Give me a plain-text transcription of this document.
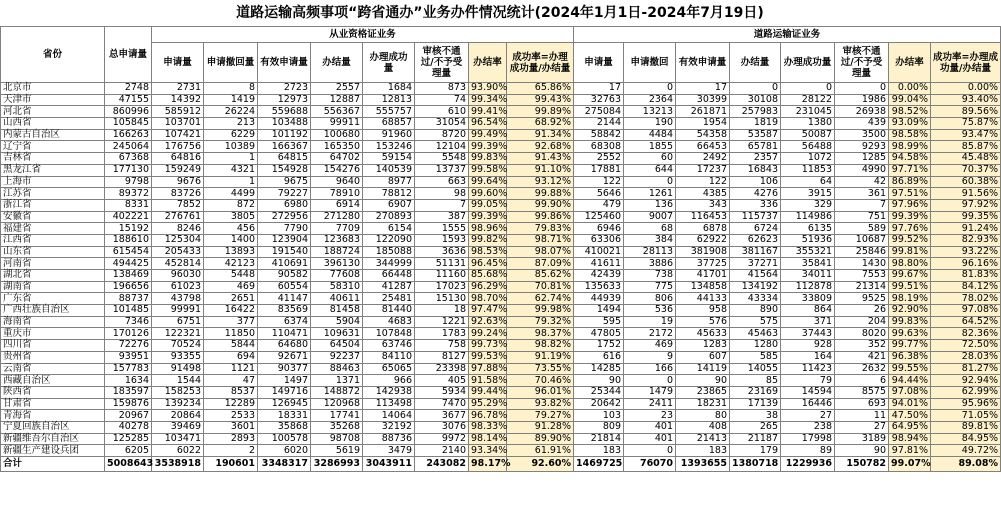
道路运输高频事项“跨省通办”业务办件情况统计(2024年1月1日-2024年7月19日)
省份	总申请量	从业资格证业务								道路运输证业务							
		申请量	申请撤回量	有效申请量	办结量	办理成功量	审核不通过/不予受理量	办结率	成功率=办理成功量/办结量	申请量	申请撤回	有效申请量	办结量	办理成功量	审核不通过/不予受理量	办结率	成功率=办理成功量/办结量
北京市	2748	2731	8	2723	2557	1684	873	93.90%	65.86%	17	0	17	0	0	0	0.00%	0.00%
天津市	47155	14392	1419	12973	12887	12813	74	99.34%	99.43%	32763	2364	30399	30108	28122	1986	99.04%	93.40%
河北省	860996	585912	26224	559688	556367	555757	610	99.41%	99.89%	275084	13213	261871	257983	231045	26938	98.52%	89.56%
山西省	105845	103701	213	103488	99911	68857	31054	96.54%	68.92%	2144	190	1954	1819	1380	439	93.09%	75.87%
内蒙古自治区	166263	107421	6229	101192	100680	91960	8720	99.49%	91.34%	58842	4484	54358	53587	50087	3500	98.58%	93.47%
辽宁省	245064	176756	10389	166367	165350	153246	12104	99.39%	92.68%	68308	1855	66453	65781	56488	9293	98.99%	85.87%
吉林省	67368	64816	1	64815	64702	59154	5548	99.83%	91.43%	2552	60	2492	2357	1072	1285	94.58%	45.48%
黑龙江省	177130	159249	4321	154928	154276	140539	13737	99.58%	91.10%	17881	644	17237	16843	11853	4990	97.71%	70.37%
上海市	9798	9676	1	9675	9640	8977	663	99.64%	93.12%	122	0	122	106	64	42	86.89%	60.38%
江苏省	89372	83726	4499	79227	78910	78812	98	99.60%	99.88%	5646	1261	4385	4276	3915	361	97.51%	91.56%
浙江省	8331	7852	872	6980	6914	6907	7	99.05%	99.90%	479	136	343	336	329	7	97.96%	97.92%
安徽省	402221	276761	3805	272956	271280	270893	387	99.39%	99.86%	125460	9007	116453	115737	114986	751	99.39%	99.35%
福建省	15192	8246	456	7790	7709	6154	1555	98.96%	79.83%	6946	68	6878	6724	6135	589	97.76%	91.24%
江西省	188610	125304	1400	123904	123683	122090	1593	99.82%	98.71%	63306	384	62922	62623	51936	10687	99.52%	82.93%
山东省	615454	205433	13893	191540	188724	185088	3636	98.53%	98.07%	410021	28113	381908	381167	355321	25846	99.81%	93.22%
河南省	494425	452814	42123	410691	396130	344999	51131	96.45%	87.09%	41611	3886	37725	37271	35841	1430	98.80%	96.16%
湖北省	138469	96030	5448	90582	77608	66448	11160	85.68%	85.62%	42439	738	41701	41564	34011	7553	99.67%	81.83%
湖南省	196656	61023	469	60554	58310	41287	17023	96.29%	70.81%	135633	775	134858	134192	112878	21314	99.51%	84.12%
广东省	88737	43798	2651	41147	40611	25481	15130	98.70%	62.74%	44939	806	44133	43334	33809	9525	98.19%	78.02%
广西壮族自治区	101485	99991	16422	83569	81458	81440	18	97.47%	99.98%	1494	536	958	890	864	26	92.90%	97.08%
海南省	7346	6751	377	6374	5904	4683	1221	92.63%	79.32%	595	19	576	575	371	204	99.83%	64.52%
重庆市	170126	122321	11850	110471	109631	107848	1783	99.24%	98.37%	47805	2172	45633	45463	37443	8020	99.63%	82.36%
四川省	72276	70524	5844	64680	64504	63746	758	99.73%	98.82%	1752	469	1283	1280	928	352	99.77%	72.50%
贵州省	93951	93355	694	92671	92237	84110	8127	99.53%	91.19%	616	9	607	585	164	421	96.38%	28.03%
云南省	157783	91498	1121	90377	88463	65065	23398	97.88%	73.55%	14285	166	14119	14055	11423	2632	99.55%	81.27%
西藏自治区	1634	1544	47	1497	1371	966	405	91.58%	70.46%	90	0	90	85	79	6	94.44%	92.94%
陕西省	183597	158253	8537	149716	148872	142938	5934	99.44%	96.01%	25344	1479	23865	23169	14594	8575	97.08%	62.99%
甘肃省	159876	139234	12289	126945	120968	113498	7470	95.29%	93.82%	20642	2411	18231	17139	16446	693	94.01%	95.96%
青海省	20967	20864	2533	18331	17741	14064	3677	96.78%	79.27%	103	23	80	38	27	11	47.50%	71.05%
宁夏回族自治区	40278	39469	3601	35868	35268	32192	3076	98.33%	91.28%	809	401	408	265	238	27	64.95%	89.81%
新疆维吾尔自治区	125285	103471	2893	100578	98708	88736	9972	98.14%	89.90%	21814	401	21413	21187	17998	3189	98.94%	84.95%
新疆生产建设兵团	6205	6022	2	6020	5619	3479	2140	93.34%	61.91%	183	0	183	179	89	90	97.81%	49.72%
合计	5008643	3538918	190601	3348317	3286993	3043911	243082	98.17%	92.60%	1469725	76070	1393655	1380718	1229936	150782	99.07%	89.08%
